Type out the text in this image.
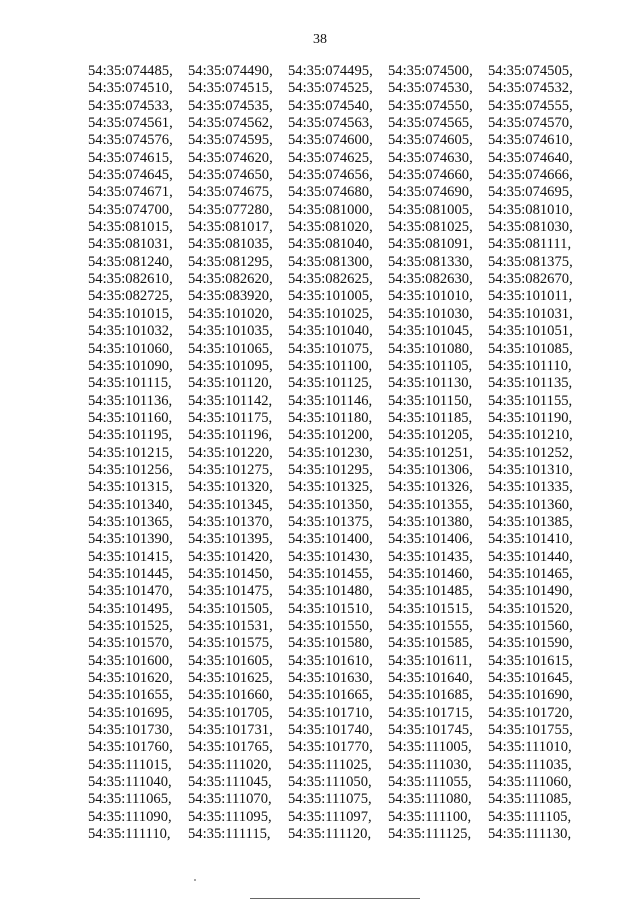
38
54:35:074485,	54:35:074490,	54:35:074495,	54:35:074500,	54:35:074505,
54:35:074510,	54:35:074515,	54:35:074525,	54:35:074530,	54:35:074532,
54:35:074533,	54:35:074535,	54:35:074540,	54:35:074550,	54:35:074555,
54:35:074561,	54:35:074562,	54:35:074563,	54:35:074565,	54:35:074570,
54:35:074576,	54:35:074595,	54:35:074600,	54:35:074605,	54:35:074610,
54:35:074615,	54:35:074620,	54:35:074625,	54:35:074630,	54:35:074640,
54:35:074645,	54:35:074650,	54:35:074656,	54:35:074660,	54:35:074666,
54:35:074671,	54:35:074675,	54:35:074680,	54:35:074690,	54:35:074695,
54:35:074700,	54:35:077280,	54:35:081000,	54:35:081005,	54:35:081010,
54:35:081015,	54:35:081017,	54:35:081020,	54:35:081025,	54:35:081030,
54:35:081031,	54:35:081035,	54:35:081040,	54:35:081091,	54:35:081111,
54:35:081240,	54:35:081295,	54:35:081300,	54:35:081330,	54:35:081375,
54:35:082610,	54:35:082620,	54:35:082625,	54:35:082630,	54:35:082670,
54:35:082725,	54:35:083920,	54:35:101005,	54:35:101010,	54:35:101011,
54:35:101015,	54:35:101020,	54:35:101025,	54:35:101030,	54:35:101031,
54:35:101032,	54:35:101035,	54:35:101040,	54:35:101045,	54:35:101051,
54:35:101060,	54:35:101065,	54:35:101075,	54:35:101080,	54:35:101085,
54:35:101090,	54:35:101095,	54:35:101100,	54:35:101105,	54:35:101110,
54:35:101115,	54:35:101120,	54:35:101125,	54:35:101130,	54:35:101135,
54:35:101136,	54:35:101142,	54:35:101146,	54:35:101150,	54:35:101155,
54:35:101160,	54:35:101175,	54:35:101180,	54:35:101185,	54:35:101190,
54:35:101195,	54:35:101196,	54:35:101200,	54:35:101205,	54:35:101210,
54:35:101215,	54:35:101220,	54:35:101230,	54:35:101251,	54:35:101252,
54:35:101256,	54:35:101275,	54:35:101295,	54:35:101306,	54:35:101310,
54:35:101315,	54:35:101320,	54:35:101325,	54:35:101326,	54:35:101335,
54:35:101340,	54:35:101345,	54:35:101350,	54:35:101355,	54:35:101360,
54:35:101365,	54:35:101370,	54:35:101375,	54:35:101380,	54:35:101385,
54:35:101390,	54:35:101395,	54:35:101400,	54:35:101406,	54:35:101410,
54:35:101415,	54:35:101420,	54:35:101430,	54:35:101435,	54:35:101440,
54:35:101445,	54:35:101450,	54:35:101455,	54:35:101460,	54:35:101465,
54:35:101470,	54:35:101475,	54:35:101480,	54:35:101485,	54:35:101490,
54:35:101495,	54:35:101505,	54:35:101510,	54:35:101515,	54:35:101520,
54:35:101525,	54:35:101531,	54:35:101550,	54:35:101555,	54:35:101560,
54:35:101570,	54:35:101575,	54:35:101580,	54:35:101585,	54:35:101590,
54:35:101600,	54:35:101605,	54:35:101610,	54:35:101611,	54:35:101615,
54:35:101620,	54:35:101625,	54:35:101630,	54:35:101640,	54:35:101645,
54:35:101655,	54:35:101660,	54:35:101665,	54:35:101685,	54:35:101690,
54:35:101695,	54:35:101705,	54:35:101710,	54:35:101715,	54:35:101720,
54:35:101730,	54:35:101731,	54:35:101740,	54:35:101745,	54:35:101755,
54:35:101760,	54:35:101765,	54:35:101770,	54:35:111005,	54:35:111010,
54:35:111015,	54:35:111020,	54:35:111025,	54:35:111030,	54:35:111035,
54:35:111040,	54:35:111045,	54:35:111050,	54:35:111055,	54:35:111060,
54:35:111065,	54:35:111070,	54:35:111075,	54:35:111080,	54:35:111085,
54:35:111090,	54:35:111095,	54:35:111097,	54:35:111100,	54:35:111105,
54:35:111110,	54:35:111115,	54:35:111120,	54:35:111125,	54:35:111130,
